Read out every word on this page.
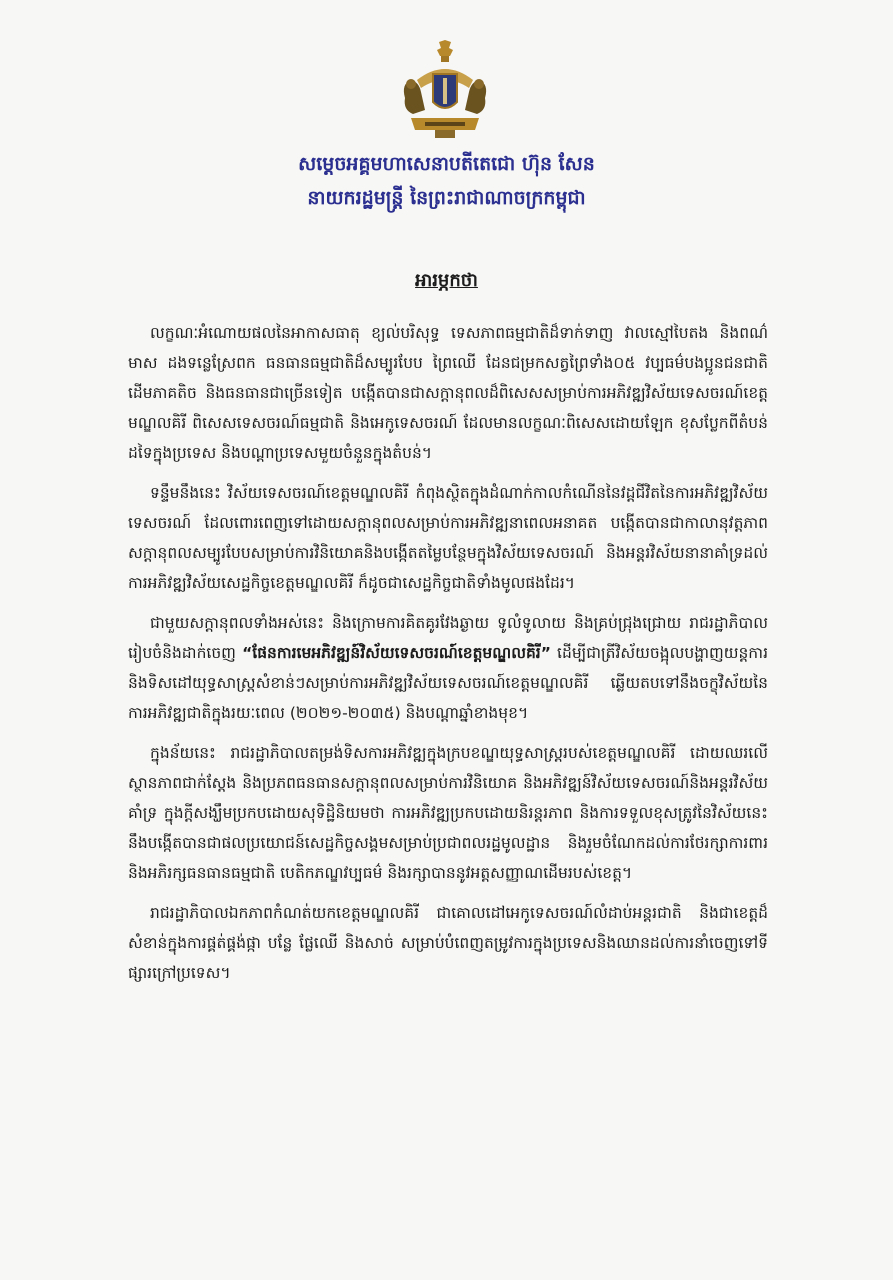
សម្តេចអគ្គមហាសេនាបតីតេជោ ហ៊ុន សែន
នាយករដ្ឋមន្ត្រី នៃព្រះរាជាណាចក្រកម្ពុជា
អារម្ភកថា

លក្ខណៈអំណោយផលនៃអាកាសធាតុ ខ្យល់បរិសុទ្ធ ទេសភាពធម្មជាតិដ៏ទាក់ទាញ វាលស្មៅបៃតង និងពណ៌មាស ដងទន្លេស្រែពក ធនធានធម្មជាតិដ៏សម្បូរបែប ព្រៃឈើ ដែនជម្រកសត្វព្រៃទាំង០៥ វប្បធម៌បងប្អូនជនជាតិដើមភាគតិច និងធនធានជាច្រើនទៀត បង្កើតបានជាសក្តានុពលដ៏ពិសេសសម្រាប់ការអភិវឌ្ឍវិស័យទេសចរណ៍ខេត្តមណ្ឌលគិរី ពិសេសទេសចរណ៍ធម្មជាតិ និងអេកូទេសចរណ៍ ដែលមានលក្ខណៈពិសេសដោយឡែក ខុសប្លែកពីតំបន់ដទៃក្នុងប្រទេស និងបណ្តាប្រទេសមួយចំនួនក្នុងតំបន់។

ទន្ទឹមនឹងនេះ វិស័យទេសចរណ៍ខេត្តមណ្ឌលគិរី កំពុងស្ថិតក្នុងដំណាក់កាលកំណើននៃវដ្តជីវិតនៃការអភិវឌ្ឍវិស័យទេសចរណ៍ ដែលពោរពេញទៅដោយសក្តានុពលសម្រាប់ការអភិវឌ្ឍនាពេលអនាគត បង្កើតបានជាកាលានុវត្តភាពសក្តានុពលសម្បូរបែបសម្រាប់ការវិនិយោគនិងបង្កើតតម្លៃបន្ថែមក្នុងវិស័យទេសចរណ៍ និងអន្តរវិស័យនានាគាំទ្រដល់ការអភិវឌ្ឍវិស័យសេដ្ឋកិច្ចខេត្តមណ្ឌលគិរី ក៏ដូចជាសេដ្ឋកិច្ចជាតិទាំងមូលផងដែរ។

ជាមួយសក្តានុពលទាំងអស់នេះ និងក្រោមការគិតគូរវែងឆ្ងាយ ទូលំទូលាយ និងគ្រប់ជ្រុងជ្រោយ រាជរដ្ឋាភិបាលរៀបចំនិងដាក់ចេញ “ផែនការមេអភិវឌ្ឍន៍វិស័យទេសចរណ៍ខេត្តមណ្ឌលគិរី” ដើម្បីជាត្រីវិស័យចង្អុលបង្ហាញយន្តការនិងទិសដៅយុទ្ធសាស្ត្រសំខាន់ៗសម្រាប់ការអភិវឌ្ឍវិស័យទេសចរណ៍ខេត្តមណ្ឌលគិរី ឆ្លើយតបទៅនឹងចក្ខុវិស័យនៃការអភិវឌ្ឍជាតិក្នុងរយៈពេល (២០២១-២០៣៥) និងបណ្តាឆ្នាំខាងមុខ។

ក្នុងន័យនេះ រាជរដ្ឋាភិបាលតម្រង់ទិសការអភិវឌ្ឍក្នុងក្របខណ្ឌយុទ្ធសាស្ត្ររបស់ខេត្តមណ្ឌលគិរី ដោយឈរលើស្ថានភាពជាក់ស្តែង និងប្រភពធនធានសក្តានុពលសម្រាប់ការវិនិយោគ និងអភិវឌ្ឍន៍វិស័យទេសចរណ៍និងអន្តរវិស័យគាំទ្រ ក្នុងក្តីសង្ឃឹមប្រកបដោយសុទិដ្ឋិនិយមថា ការអភិវឌ្ឍប្រកបដោយនិរន្តរភាព និងការទទួលខុសត្រូវនៃវិស័យនេះ នឹងបង្កើតបានជាផលប្រយោជន៍សេដ្ឋកិច្ចសង្គមសម្រាប់ប្រជាពលរដ្ឋមូលដ្ឋាន និងរួមចំណែកដល់ការថែរក្សាការពារនិងអភិរក្សធនធានធម្មជាតិ បេតិកភណ្ឌវប្បធម៌ និងរក្សាបាននូវអត្តសញ្ញាណដើមរបស់ខេត្ត។

រាជរដ្ឋាភិបាលឯកភាពកំណត់យកខេត្តមណ្ឌលគិរី ជាគោលដៅអេកូទេសចរណ៍លំដាប់អន្តរជាតិ និងជាខេត្តដ៏សំខាន់ក្នុងការផ្គត់ផ្គង់ផ្កា បន្លែ ផ្លែឈើ និងសាច់ សម្រាប់បំពេញតម្រូវការក្នុងប្រទេសនិងឈានដល់ការនាំចេញទៅទីផ្សារក្រៅប្រទេស។
